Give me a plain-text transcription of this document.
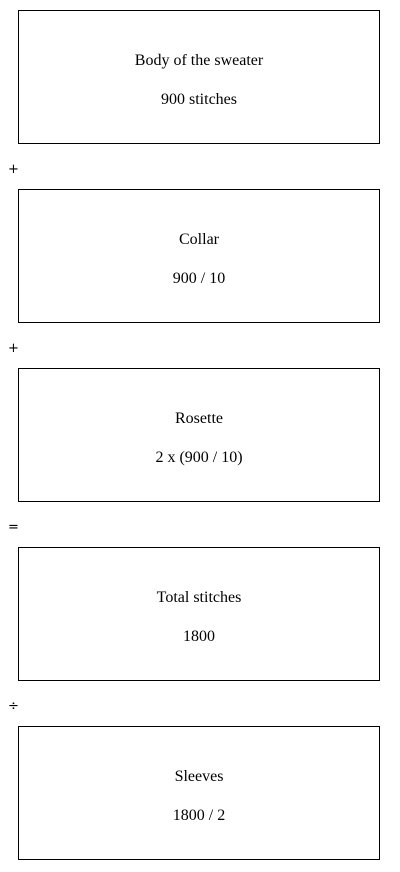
Body of the sweater
900 stitches
+
Collar
900 / 10
+
Rosette
2 x (900 / 10)
=
Total stitches
1800
÷
Sleeves
1800 / 2
